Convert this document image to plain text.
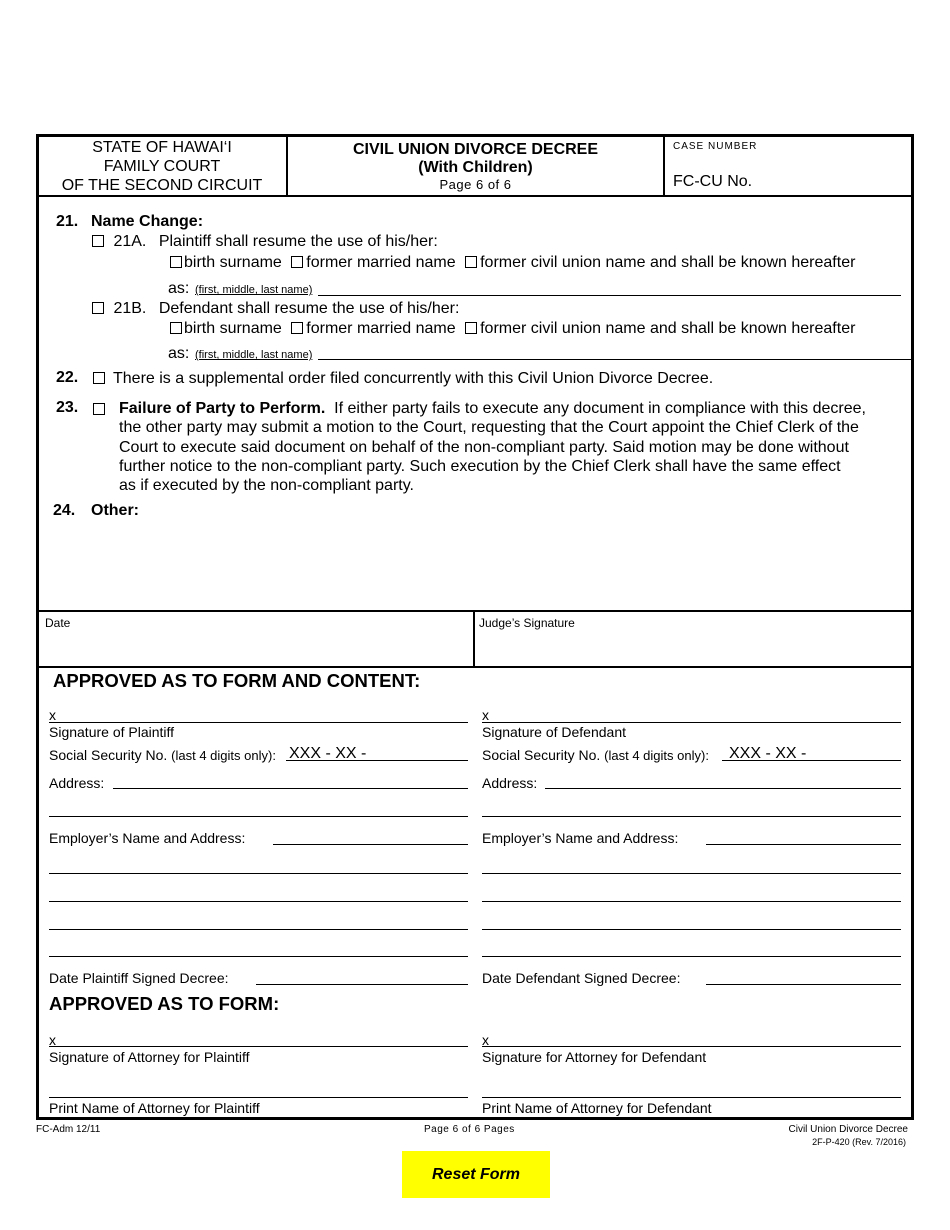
STATE OF HAWAI‘I
FAMILY COURT
OF THE SECOND CIRCUIT
CIVIL UNION DIVORCE DECREE
(With Children)
Page 6 of 6
CASE NUMBER
FC-CU No.
21. Name Change:
21A. Plaintiff shall resume the use of his/her:
birth surname former married name former civil union name and shall be known hereafter
as: (first, middle, last name)
21B. Defendant shall resume the use of his/her:
birth surname former married name former civil union name and shall be known hereafter
as: (first, middle, last name)
22.	There is a supplemental order filed concurrently with this Civil Union Divorce Decree.
23.	Failure of Party to Perform. If either party fails to execute any document in compliance with this decree,
the other party may submit a motion to the Court, requesting that the Court appoint the Chief Clerk of the
Court to execute said document on behalf of the non-compliant party. Said motion may be done without
further notice to the non-compliant party. Such execution by the Chief Clerk shall have the same effect
as if executed by the non-compliant party.
24. Other:
Date	Judge’s Signature
APPROVED AS TO FORM AND CONTENT:
x
Signature of Plaintiff
Social Security No. (last 4 digits only): XXX - XX -
Address:
Employer’s Name and Address:
Date Plaintiff Signed Decree:
x
Signature of Defendant
Social Security No. (last 4 digits only): XXX - XX -
Address:
Employer’s Name and Address:
Date Defendant Signed Decree:
APPROVED AS TO FORM:
x
Signature of Attorney for Plaintiff
Print Name of Attorney for Plaintiff
x
Signature for Attorney for Defendant
Print Name of Attorney for Defendant
FC-Adm 12/11	Page 6 of 6 Pages	Civil Union Divorce Decree
2F-P-420 (Rev. 7/2016)
Reset Form
